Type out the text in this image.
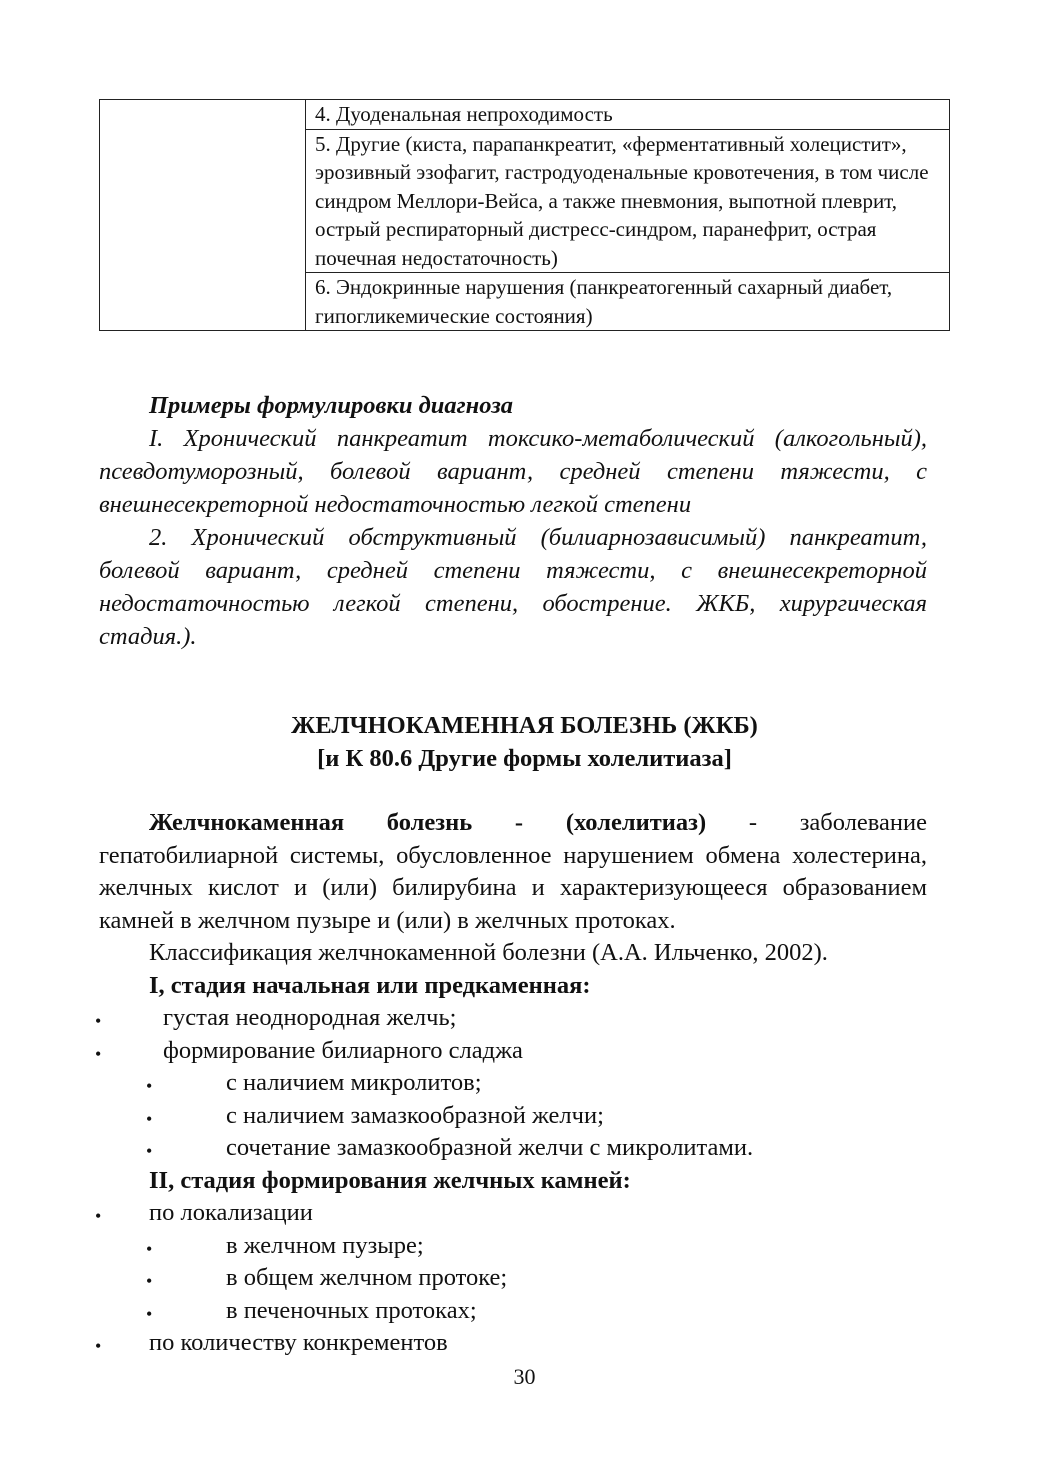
	4. Дуоденальная непроходимость
5. Другие (киста, парапанкреатит, «ферментативный холецистит», эрозивный эзофагит, гастродуоденальные кровотечения, в том числе синдром Меллори-Вейса, а также пневмония, выпотной плеврит, острый респираторный дистресс-синдром, паранефрит, острая почечная недостаточность)
6. Эндокринные нарушения (панкреатогенный сахарный диабет, гипогликемические состояния)

Примеры формулировки диагноза

I. Хронический панкреатит токсико-метаболический (алкогольный), псевдотуморозный, болевой вариант, средней степени тяжести, с внешнесекреторной недостаточностью легкой степени

2. Хронический обструктивный (билиарнозависимый) панкреатит, болевой вариант, средней степени тяжести, с внешнесекреторной недостаточностью легкой степени, обострение. ЖКБ, хирургическая стадия.).

ЖЕЛЧНОКАМЕННАЯ БОЛЕЗНЬ (ЖКБ)
[и К 80.6 Другие формы холелитиаза]

Желчнокаменная болезнь - (холелитиаз) - заболевание гепатобилиарной системы, обусловленное нарушением обмена холестерина, желчных кислот и (или) билирубина и характеризующееся образованием камней в желчном пузыре и (или) в желчных протоках.

Классификация желчнокаменной болезни (А.А. Ильченко, 2002).

I, стадия начальная или предкаменная:

•	густая неоднородная желчь;
•	формирование билиарного сладжа
•	с наличием микролитов;
•	с наличием замазкообразной желчи;
•	сочетание замазкообразной желчи с микролитами.

II, стадия формирования желчных камней:

• по локализации
•	в желчном пузыре;
•	в общем желчном протоке;
•	в печеночных протоках;
• по количеству конкрементов
30
